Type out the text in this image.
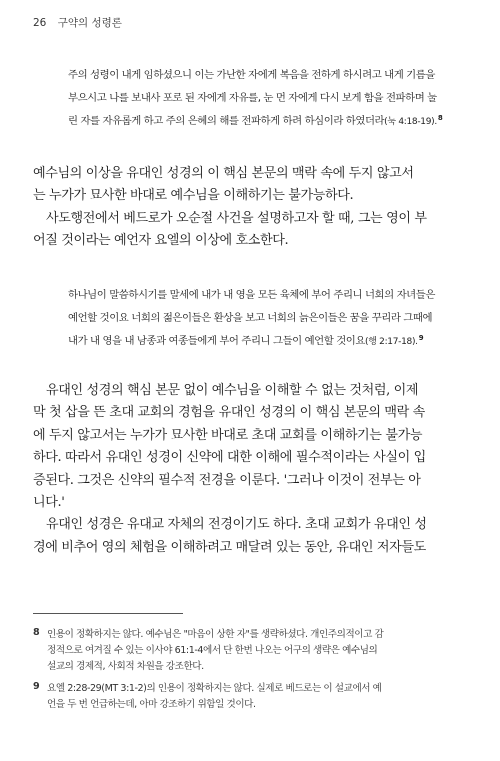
26 구약의 성령론
주의 성령이 내게 임하셨으니 이는 가난한 자에게 복음을 전하게 하시려고 내게 기름을
부으시고 나를 보내사 포로 된 자에게 자유를, 눈 먼 자에게 다시 보게 함을 전파하며 눌
린 자를 자유롭게 하고 주의 은혜의 해를 전파하게 하려 하심이라 하였더라(눅 4:18-19).$^8$
예수님의 이상을 유대인 성경의 이 핵심 본문의 맥락 속에 두지 않고서
는 누가가 묘사한 바대로 예수님을 이해하기는 불가능하다.
사도행전에서 베드로가 오순절 사건을 설명하고자 할 때, 그는 영이 부
어질 것이라는 예언자 요엘의 이상에 호소한다.
하나님이 말씀하시기를 말세에 내가 내 영을 모든 육체에 부어 주리니 너희의 자녀들은
예언할 것이요 너희의 젊은이들은 환상을 보고 너희의 늙은이들은 꿈을 꾸리라 그때에
내가 내 영을 내 남종과 여종들에게 부어 주리니 그들이 예언할 것이요(행 2:17-18).$^9$
유대인 성경의 핵심 본문 없이 예수님을 이해할 수 없는 것처럼, 이제
막 첫 삽을 뜬 초대 교회의 경험을 유대인 성경의 이 핵심 본문의 맥락 속
에 두지 않고서는 누가가 묘사한 바대로 초대 교회를 이해하기는 불가능
하다. 따라서 유대인 성경이 신약에 대한 이해에 필수적이라는 사실이 입
증된다. 그것은 신약의 필수적 전경을 이룬다. '그러나 이것이 전부는 아
니다.'
유대인 성경은 유대교 자체의 전경이기도 하다. 초대 교회가 유대인 성
경에 비추어 영의 체험을 이해하려고 매달려 있는 동안, 유대인 저자들도
8 인용이 정확하지는 않다. 예수님은 "마음이 상한 자"를 생략하셨다. 개인주의적이고 감
정적으로 여겨질 수 있는 이사야 61:1-4에서 단 한번 나오는 어구의 생략은 예수님의
설교의 경제적, 사회적 차원을 강조한다.
9 요엘 2:28-29(MT 3:1-2)의 인용이 정확하지는 않다. 실제로 베드로는 이 설교에서 예
언을 두 번 언급하는데, 아마 강조하기 위함일 것이다.
